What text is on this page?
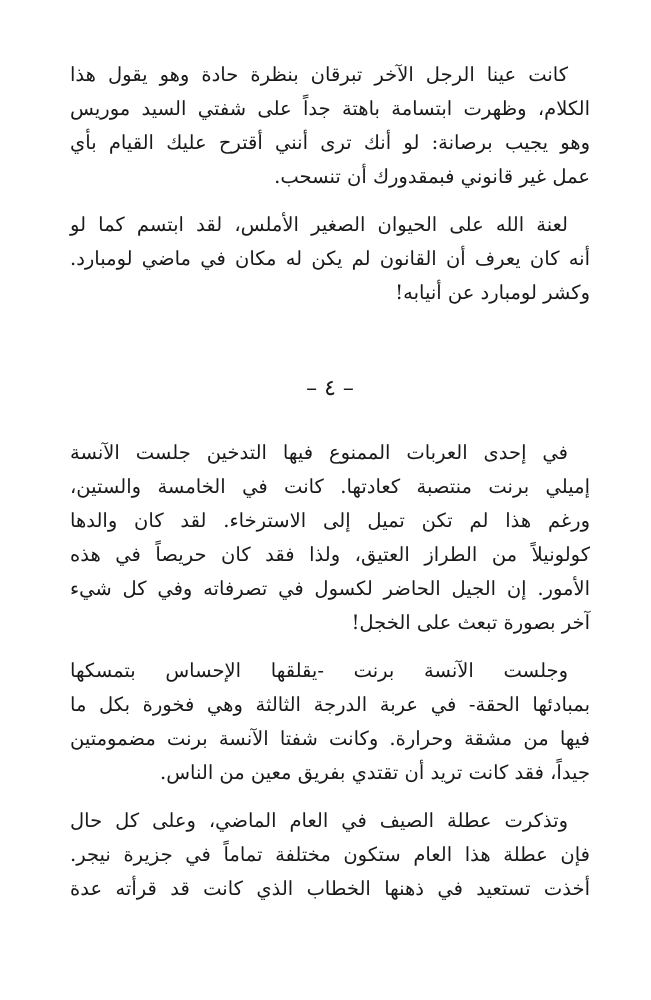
كانت عينا الرجل الآخر تبرقان بنظرة حادة وهو يقول هذا
الكلام، وظهرت ابتسامة باهتة جداً على شفتي السيد موريس
وهو يجيب برصانة: لو أنك ترى أنني أقترح عليك القيام بأي
عمل غير قانوني فبمقدورك أن تنسحب.
لعنة الله على الحيوان الصغير الأملس، لقد ابتسم كما لو
أنه كان يعرف أن القانون لم يكن له مكان في ماضي لومبارد.
وكشر لومبارد عن أنيابه!
– ٤ –
في إحدى العربات الممنوع فيها التدخين جلست الآنسة
إميلي برنت منتصبة كعادتها. كانت في الخامسة والستين،
ورغم هذا لم تكن تميل إلى الاسترخاء. لقد كان والدها
كولونيلاً من الطراز العتيق، ولذا فقد كان حريصاً في هذه
الأمور. إن الجيل الحاضر لكسول في تصرفاته وفي كل شيء
آخر بصورة تبعث على الخجل!
وجلست الآنسة برنت -يقلقها الإحساس بتمسكها
بمبادئها الحقة- في عربة الدرجة الثالثة وهي فخورة بكل ما
فيها من مشقة وحرارة. وكانت شفتا الآنسة برنت مضمومتين
جيداً، فقد كانت تريد أن تقتدي بفريق معين من الناس.
وتذكرت عطلة الصيف في العام الماضي، وعلى كل حال
فإن عطلة هذا العام ستكون مختلفة تماماً في جزيرة نيجر.
أخذت تستعيد في ذهنها الخطاب الذي كانت قد قرأته عدة
